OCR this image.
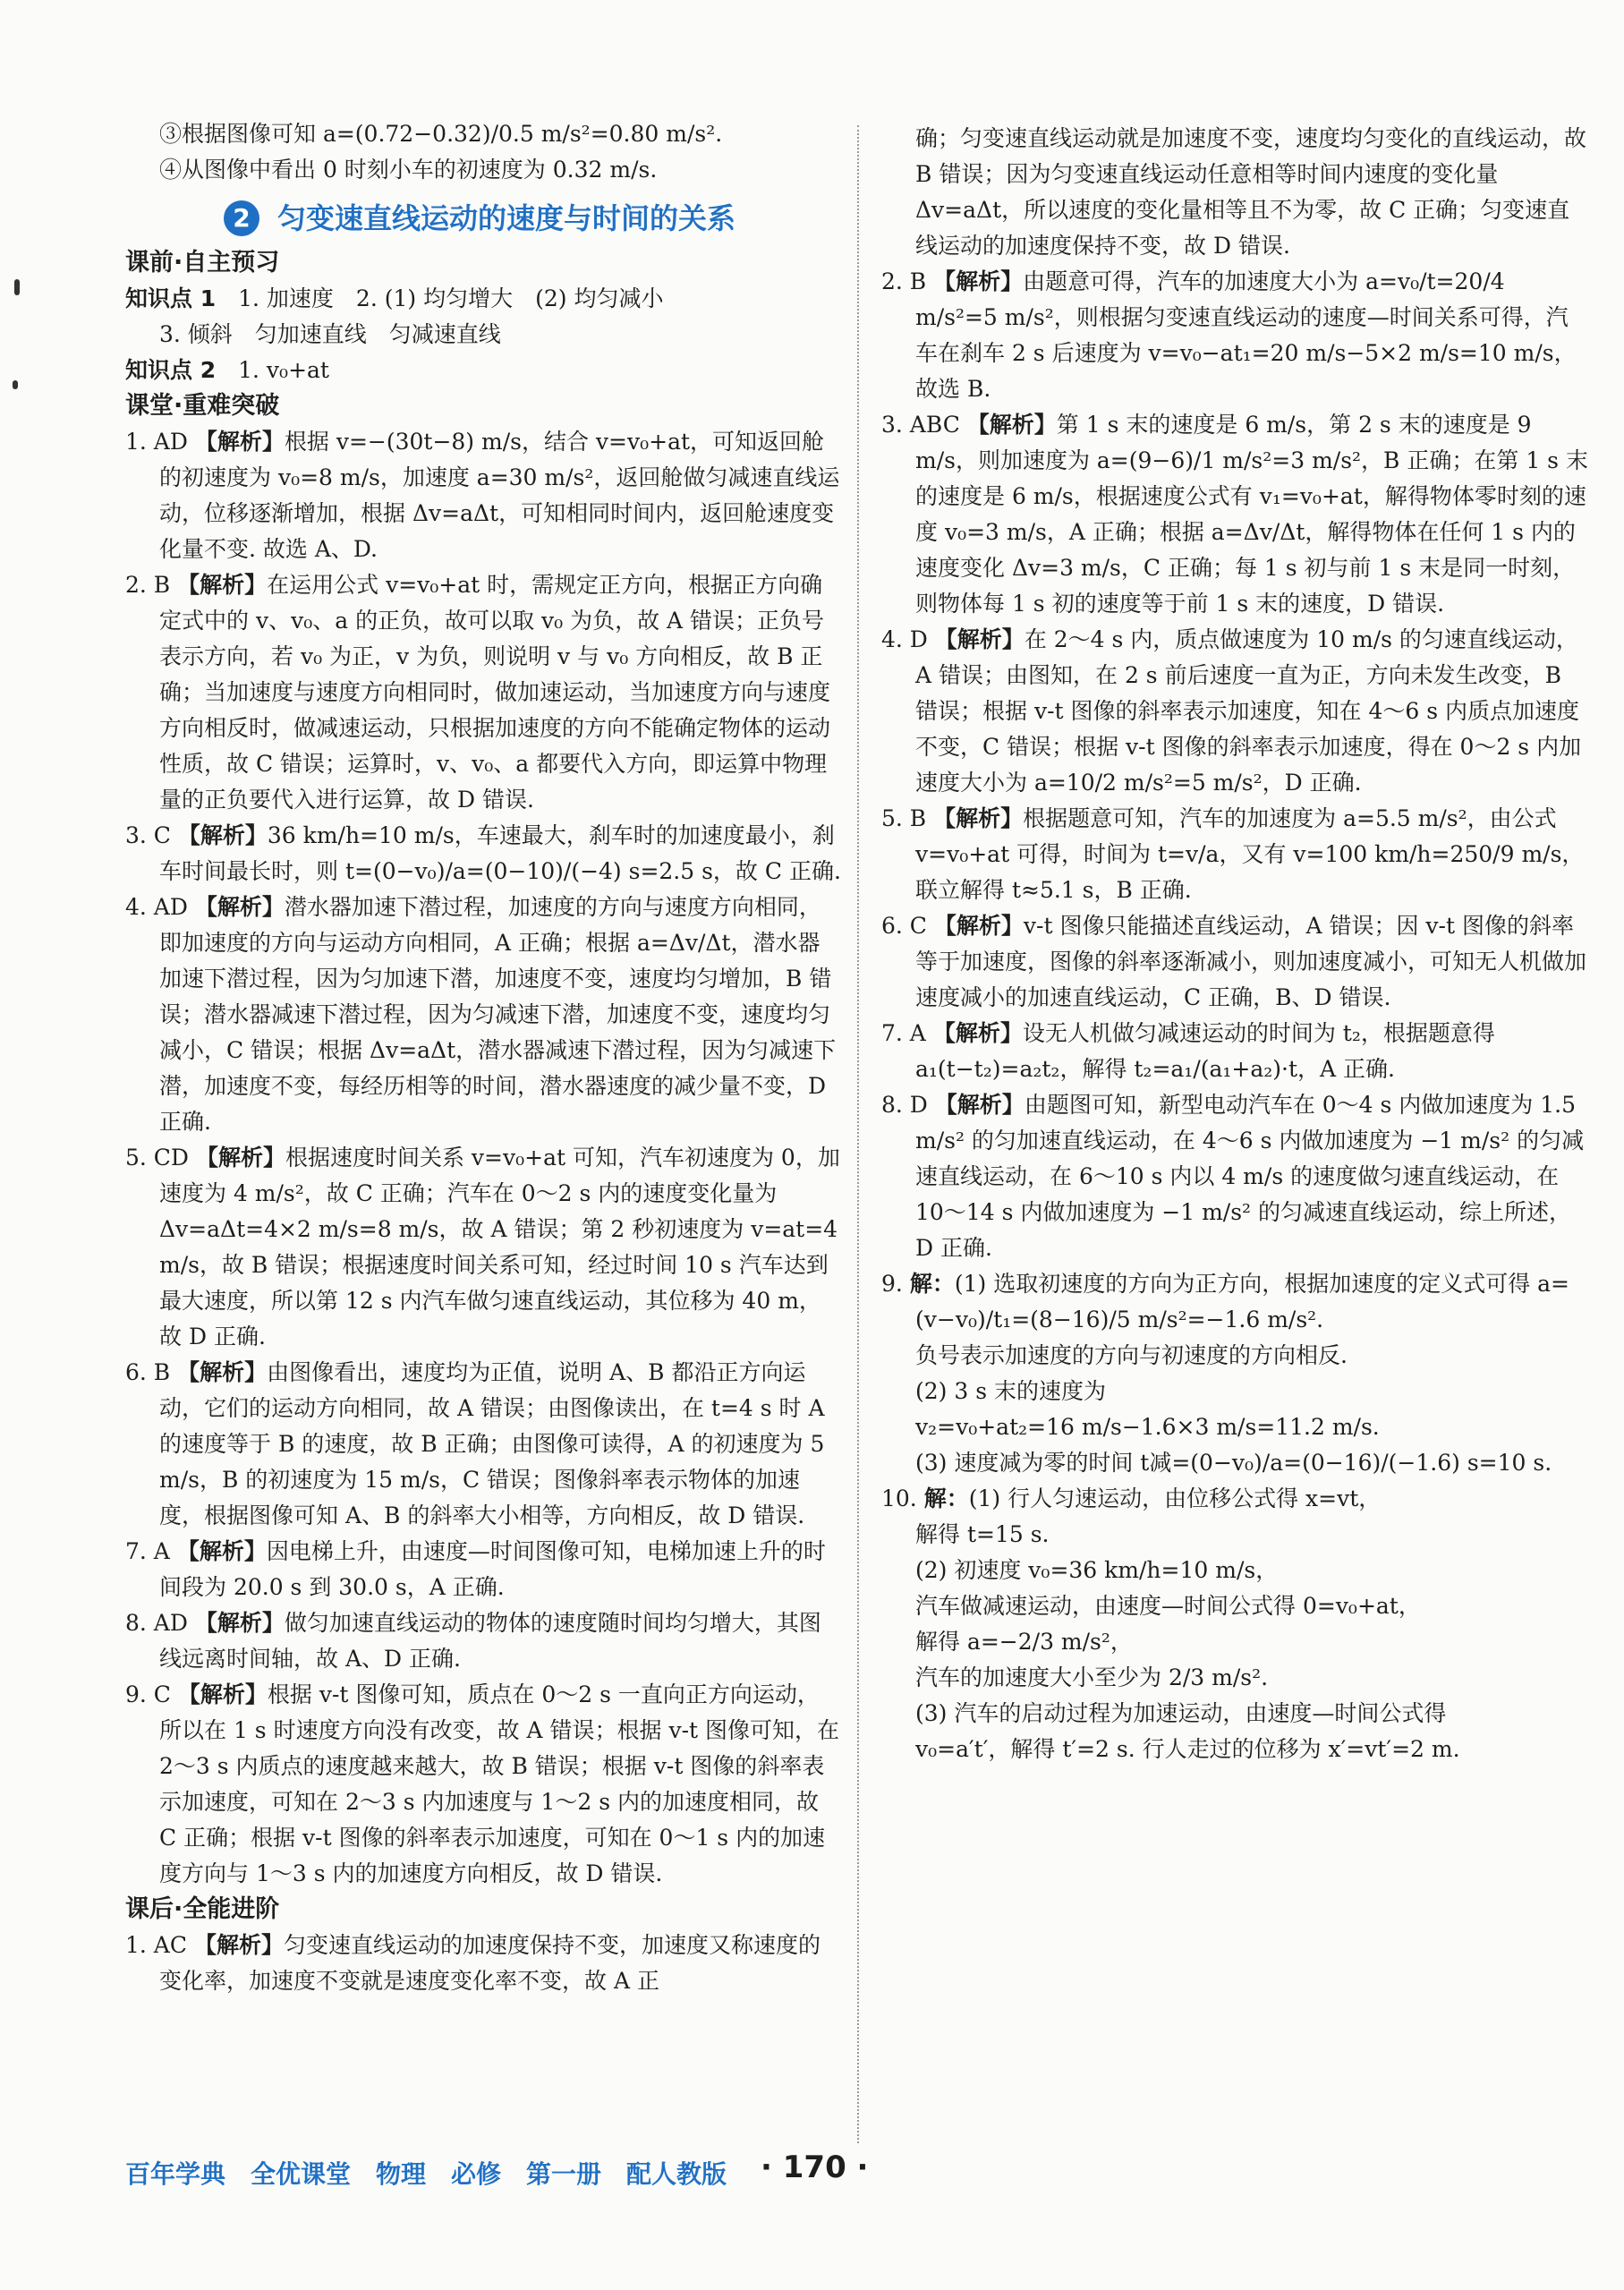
③根据图像可知 a=(0.72−0.32)/0.5 m/s²=0.80 m/s².

④从图像中看出 0 时刻小车的初速度为 0.32 m/s.

2 匀变速直线运动的速度与时间的关系

课前·自主预习

知识点 1　 1. 加速度　2. (1) 均匀增大　(2) 均匀减小

3. 倾斜　匀加速直线　匀减速直线

知识点 2　 1. v₀+at

课堂·重难突破

1. AD 【解析】根据 v=−(30t−8) m/s，结合 v=v₀+at，可知返回舱的初速度为 v₀=8 m/s，加速度 a=30 m/s²，返回舱做匀减速直线运动，位移逐渐增加，根据 Δv=aΔt，可知相同时间内，返回舱速度变化量不变. 故选 A、D.

2. B 【解析】在运用公式 v=v₀+at 时，需规定正方向，根据正方向确定式中的 v、v₀、a 的正负，故可以取 v₀ 为负，故 A 错误；正负号表示方向，若 v₀ 为正，v 为负，则说明 v 与 v₀ 方向相反，故 B 正确；当加速度与速度方向相同时，做加速运动，当加速度方向与速度方向相反时，做减速运动，只根据加速度的方向不能确定物体的运动性质，故 C 错误；运算时，v、v₀、a 都要代入方向，即运算中物理量的正负要代入进行运算，故 D 错误.

3. C 【解析】36 km/h=10 m/s，车速最大，刹车时的加速度最小，刹车时间最长时，则 t=(0−v₀)/a=(0−10)/(−4) s=2.5 s，故 C 正确.

4. AD 【解析】潜水器加速下潜过程，加速度的方向与速度方向相同，即加速度的方向与运动方向相同，A 正确；根据 a=Δv/Δt，潜水器加速下潜过程，因为匀加速下潜，加速度不变，速度均匀增加，B 错误；潜水器减速下潜过程，因为匀减速下潜，加速度不变，速度均匀减小，C 错误；根据 Δv=aΔt，潜水器减速下潜过程，因为匀减速下潜，加速度不变，每经历相等的时间，潜水器速度的减少量不变，D 正确.

5. CD 【解析】根据速度时间关系 v=v₀+at 可知，汽车初速度为 0，加速度为 4 m/s²，故 C 正确；汽车在 0～2 s 内的速度变化量为 Δv=aΔt=4×2 m/s=8 m/s，故 A 错误；第 2 秒初速度为 v=at=4 m/s，故 B 错误；根据速度时间关系可知，经过时间 10 s 汽车达到最大速度，所以第 12 s 内汽车做匀速直线运动，其位移为 40 m，故 D 正确.

6. B 【解析】由图像看出，速度均为正值，说明 A、B 都沿正方向运动，它们的运动方向相同，故 A 错误；由图像读出，在 t=4 s 时 A 的速度等于 B 的速度，故 B 正确；由图像可读得，A 的初速度为 5 m/s，B 的初速度为 15 m/s，C 错误；图像斜率表示物体的加速度，根据图像可知 A、B 的斜率大小相等，方向相反，故 D 错误.

7. A 【解析】因电梯上升，由速度—时间图像可知，电梯加速上升的时间段为 20.0 s 到 30.0 s，A 正确.

8. AD 【解析】做匀加速直线运动的物体的速度随时间均匀增大，其图线远离时间轴，故 A、D 正确.

9. C 【解析】根据 v-t 图像可知，质点在 0～2 s 一直向正方向运动，所以在 1 s 时速度方向没有改变，故 A 错误；根据 v-t 图像可知，在 2～3 s 内质点的速度越来越大，故 B 错误；根据 v-t 图像的斜率表示加速度，可知在 2～3 s 内加速度与 1～2 s 内的加速度相同，故 C 正确；根据 v-t 图像的斜率表示加速度，可知在 0～1 s 内的加速度方向与 1～3 s 内的加速度方向相反，故 D 错误.

课后·全能进阶

1. AC 【解析】匀变速直线运动的加速度保持不变，加速度又称速度的变化率，加速度不变就是速度变化率不变，故 A 正

确；匀变速直线运动就是加速度不变，速度均匀变化的直线运动，故 B 错误；因为匀变速直线运动任意相等时间内速度的变化量 Δv=aΔt，所以速度的变化量相等且不为零，故 C 正确；匀变速直线运动的加速度保持不变，故 D 错误.

2. B 【解析】由题意可得，汽车的加速度大小为 a=v₀/t=20/4 m/s²=5 m/s²，则根据匀变速直线运动的速度—时间关系可得，汽车在刹车 2 s 后速度为 v=v₀−at₁=20 m/s−5×2 m/s=10 m/s，故选 B.

3. ABC 【解析】第 1 s 末的速度是 6 m/s，第 2 s 末的速度是 9 m/s，则加速度为 a=(9−6)/1 m/s²=3 m/s²，B 正确；在第 1 s 末的速度是 6 m/s，根据速度公式有 v₁=v₀+at，解得物体零时刻的速度 v₀=3 m/s，A 正确；根据 a=Δv/Δt，解得物体在任何 1 s 内的速度变化 Δv=3 m/s，C 正确；每 1 s 初与前 1 s 末是同一时刻，则物体每 1 s 初的速度等于前 1 s 末的速度，D 错误.

4. D 【解析】在 2～4 s 内，质点做速度为 10 m/s 的匀速直线运动，A 错误；由图知，在 2 s 前后速度一直为正，方向未发生改变，B 错误；根据 v-t 图像的斜率表示加速度，知在 4～6 s 内质点加速度不变，C 错误；根据 v-t 图像的斜率表示加速度，得在 0～2 s 内加速度大小为 a=10/2 m/s²=5 m/s²，D 正确.

5. B 【解析】根据题意可知，汽车的加速度为 a=5.5 m/s²，由公式 v=v₀+at 可得，时间为 t=v/a，又有 v=100 km/h=250/9 m/s，联立解得 t≈5.1 s，B 正确.

6. C 【解析】v-t 图像只能描述直线运动，A 错误；因 v-t 图像的斜率等于加速度，图像的斜率逐渐减小，则加速度减小，可知无人机做加速度减小的加速直线运动，C 正确，B、D 错误.

7. A 【解析】设无人机做匀减速运动的时间为 t₂，根据题意得 a₁(t−t₂)=a₂t₂，解得 t₂=a₁/(a₁+a₂)·t，A 正确.

8. D 【解析】由题图可知，新型电动汽车在 0～4 s 内做加速度为 1.5 m/s² 的匀加速直线运动，在 4～6 s 内做加速度为 −1 m/s² 的匀减速直线运动，在 6～10 s 内以 4 m/s 的速度做匀速直线运动，在 10～14 s 内做加速度为 −1 m/s² 的匀减速直线运动，综上所述，D 正确.

9. 解：(1) 选取初速度的方向为正方向，根据加速度的定义式可得 a=(v−v₀)/t₁=(8−16)/5 m/s²=−1.6 m/s².

负号表示加速度的方向与初速度的方向相反.

(2) 3 s 末的速度为

v₂=v₀+at₂=16 m/s−1.6×3 m/s=11.2 m/s.

(3) 速度减为零的时间 t减=(0−v₀)/a=(0−16)/(−1.6) s=10 s.

10. 解：(1) 行人匀速运动，由位移公式得 x=vt，

解得 t=15 s.

(2) 初速度 v₀=36 km/h=10 m/s，

汽车做减速运动，由速度—时间公式得 0=v₀+at，

解得 a=−2/3 m/s²，

汽车的加速度大小至少为 2/3 m/s².

(3) 汽车的启动过程为加速运动，由速度—时间公式得

v₀=a′t′，解得 t′=2 s. 行人走过的位移为 x′=vt′=2 m.

百年学典　全优课堂　物理　必修　第一册　配人教版 · 170 ·
